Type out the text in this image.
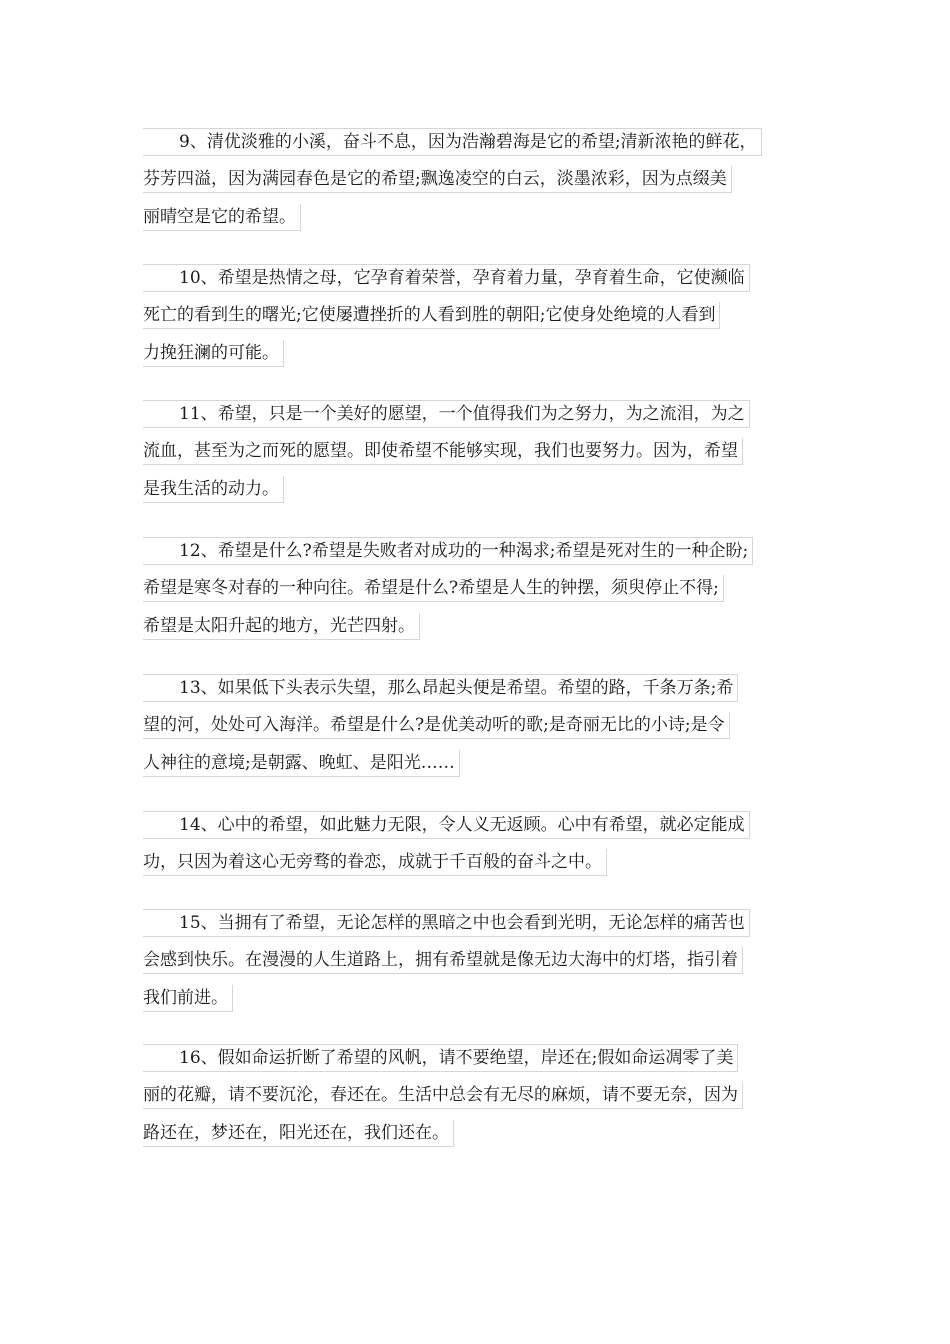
9、清优淡雅的小溪，奋斗不息，因为浩瀚碧海是它的希望;清新浓艳的鲜花，
芬芳四溢，因为满园春色是它的希望;飘逸凌空的白云，淡墨浓彩，因为点缀美
丽晴空是它的希望。
10、希望是热情之母，它孕育着荣誉，孕育着力量，孕育着生命，它使濒临
死亡的看到生的曙光;它使屡遭挫折的人看到胜的朝阳;它使身处绝境的人看到
力挽狂澜的可能。
11、希望，只是一个美好的愿望，一个值得我们为之努力，为之流泪，为之
流血，甚至为之而死的愿望。即使希望不能够实现，我们也要努力。因为，希望
是我生活的动力。
12、希望是什么?希望是失败者对成功的一种渴求;希望是死对生的一种企盼;
希望是寒冬对春的一种向往。希望是什么?希望是人生的钟摆，须臾停止不得;
希望是太阳升起的地方，光芒四射。
13、如果低下头表示失望，那么昂起头便是希望。希望的路，千条万条;希
望的河，处处可入海洋。希望是什么?是优美动听的歌;是奇丽无比的小诗;是令
人神往的意境;是朝露、晚虹、是阳光……
14、心中的希望，如此魅力无限，令人义无返顾。心中有希望，就必定能成
功，只因为着这心无旁骛的眷恋，成就于千百般的奋斗之中。
15、当拥有了希望，无论怎样的黑暗之中也会看到光明，无论怎样的痛苦也
会感到快乐。在漫漫的人生道路上，拥有希望就是像无边大海中的灯塔，指引着
我们前进。
16、假如命运折断了希望的风帆，请不要绝望，岸还在;假如命运凋零了美
丽的花瓣，请不要沉沦，春还在。生活中总会有无尽的麻烦，请不要无奈，因为
路还在，梦还在，阳光还在，我们还在。
